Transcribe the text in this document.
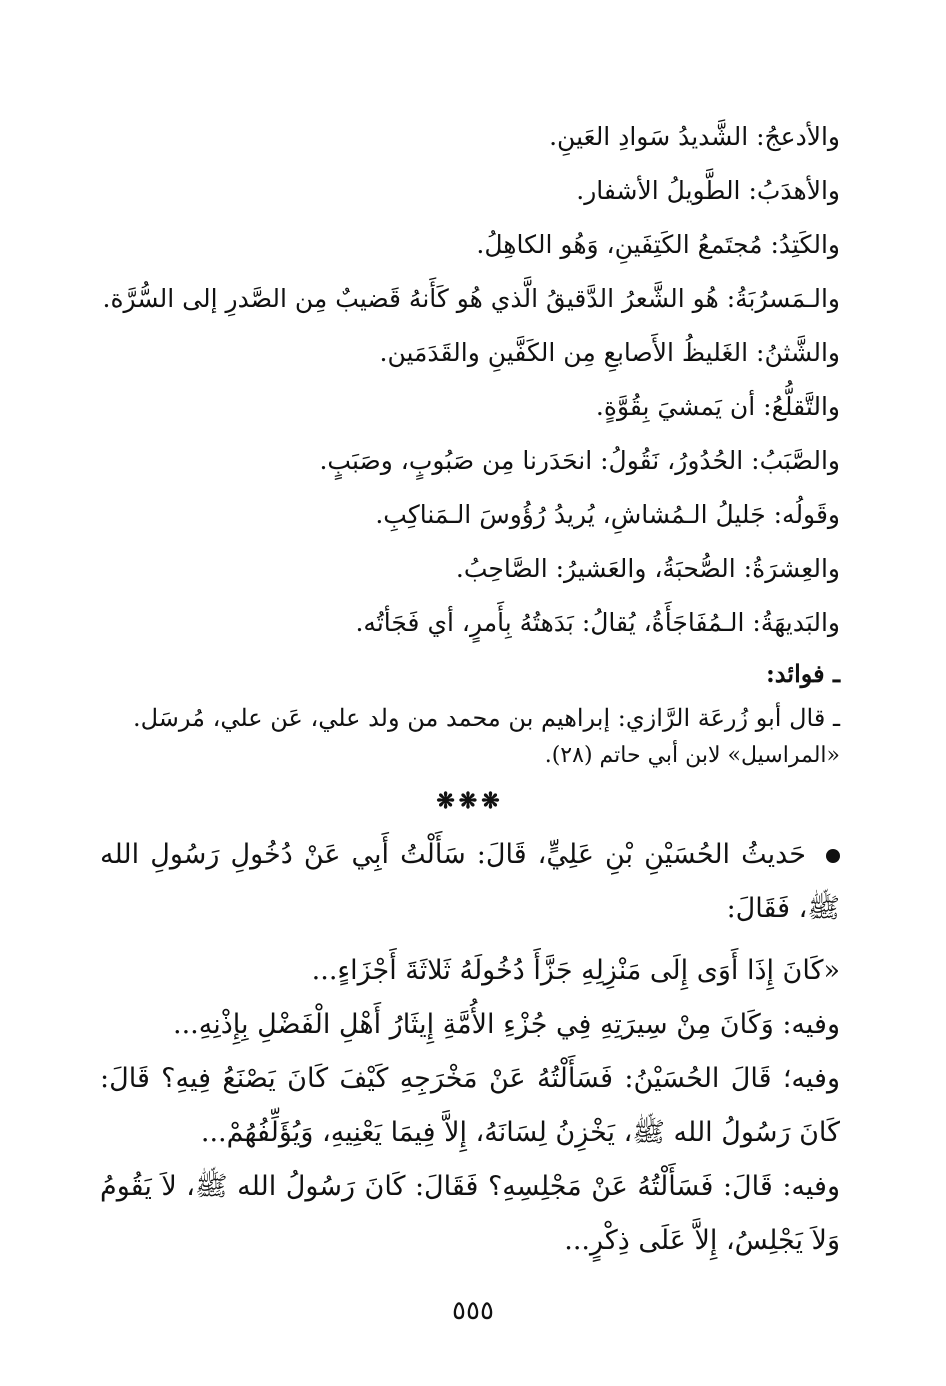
والأدعجُ: الشَّديدُ سَوادِ العَينِ.
والأهدَبُ: الطَّويلُ الأشفار.
والكَتِدُ: مُجتَمعُ الكَتِفَينِ، وَهُو الكاهِلُ.
والـمَسرُبَةُ: هُو الشَّعرُ الدَّقيقُ الَّذي هُو كَأَنهُ قَضيبٌ مِن الصَّدرِ إلى السُّرَّة.
والشَّثنُ: الغَليظُ الأَصابعِ مِن الكَفَّينِ والقَدَمَين.
والتَّقلُّعُ: أن يَمشيَ بِقُوَّةٍ.
والصَّبَبُ: الحُدُورُ، نَقُولُ: انحَدَرنا مِن صَبُوبٍ، وصَبَبٍ.
وقَولُه: جَليلُ الـمُشاشِ، يُريدُ رُؤُوسَ الـمَناكِبِ.
والعِشرَةُ: الصُّحبَةُ، والعَشيرُ: الصَّاحِبُ.
والبَديهَةُ: الـمُفَاجَأَةُ، يُقالُ: بَدَهتُهُ بِأَمرٍ، أي فَجَأتُه.
ـ فوائد:
ـ قال أبو زُرعَة الرَّازي: إبراهيم بن محمد من ولد علي، عَن علي، مُرسَل.
«المراسيل» لابن أبي حاتم (٢٨).
❋❋❋
حَديثُ الحُسَيْنِ بْنِ عَلِيٍّ، قَالَ: سَأَلْتُ أَبِي عَنْ دُخُولِ رَسُولِ الله ﷺ، فَقَالَ:
«كَانَ إِذَا أَوَى إِلَى مَنْزِلِهِ جَزَّأَ دُخُولَهُ ثَلاثَةَ أَجْزَاءٍ...
وفيه: وَكَانَ مِنْ سِيرَتِهِ فِي جُزْءِ الأُمَّةِ إِيثَارُ أَهْلِ الْفَضْلِ بِإِذْنِهِ...
وفيه؛ قَالَ الحُسَيْنُ: فَسَأَلْتُهُ عَنْ مَخْرَجِهِ كَيْفَ كَانَ يَصْنَعُ فِيهِ؟ قَالَ: كَانَ رَسُولُ الله ﷺ، يَخْزِنُ لِسَانَهُ، إِلاَّ فِيمَا يَعْنِيهِ، وَيُؤَلِّفُهُمْ...
وفيه: قَالَ: فَسَأَلْتُهُ عَنْ مَجْلِسِهِ؟ فَقَالَ: كَانَ رَسُولُ الله ﷺ، لاَ يَقُومُ وَلاَ يَجْلِسُ، إِلاَّ عَلَى ذِكْرٍ...
٥٥٥
